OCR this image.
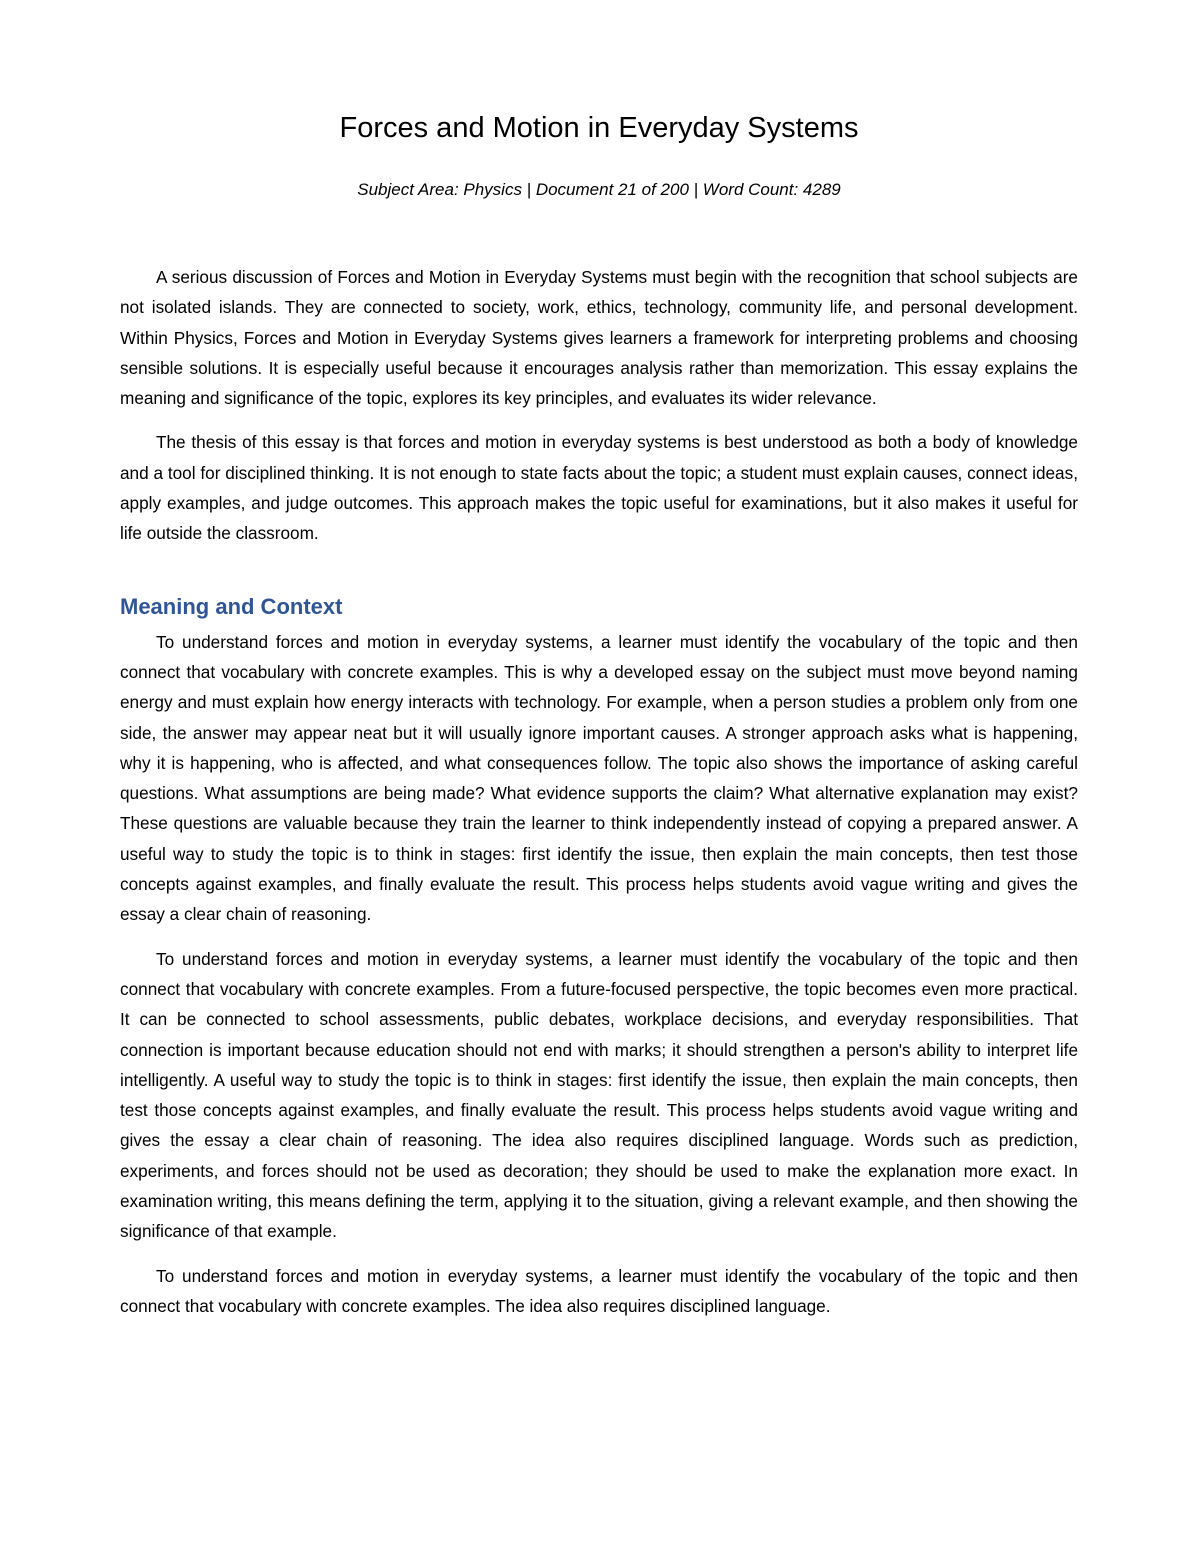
Forces and Motion in Everyday Systems

Subject Area: Physics | Document 21 of 200 | Word Count: 4289

A serious discussion of Forces and Motion in Everyday Systems must begin with the recognition that school subjects are not isolated islands. They are connected to society, work, ethics, technology, community life, and personal development. Within Physics, Forces and Motion in Everyday Systems gives learners a framework for interpreting problems and choosing sensible solutions. It is especially useful because it encourages analysis rather than memorization. This essay explains the meaning and significance of the topic, explores its key principles, and evaluates its wider relevance.

The thesis of this essay is that forces and motion in everyday systems is best understood as both a body of knowledge and a tool for disciplined thinking. It is not enough to state facts about the topic; a student must explain causes, connect ideas, apply examples, and judge outcomes. This approach makes the topic useful for examinations, but it also makes it useful for life outside the classroom.

Meaning and Context

To understand forces and motion in everyday systems, a learner must identify the vocabulary of the topic and then connect that vocabulary with concrete examples. This is why a developed essay on the subject must move beyond naming energy and must explain how energy interacts with technology. For example, when a person studies a problem only from one side, the answer may appear neat but it will usually ignore important causes. A stronger approach asks what is happening, why it is happening, who is affected, and what consequences follow. The topic also shows the importance of asking careful questions. What assumptions are being made? What evidence supports the claim? What alternative explanation may exist? These questions are valuable because they train the learner to think independently instead of copying a prepared answer. A useful way to study the topic is to think in stages: first identify the issue, then explain the main concepts, then test those concepts against examples, and finally evaluate the result. This process helps students avoid vague writing and gives the essay a clear chain of reasoning.

To understand forces and motion in everyday systems, a learner must identify the vocabulary of the topic and then connect that vocabulary with concrete examples. From a future-focused perspective, the topic becomes even more practical. It can be connected to school assessments, public debates, workplace decisions, and everyday responsibilities. That connection is important because education should not end with marks; it should strengthen a person's ability to interpret life intelligently. A useful way to study the topic is to think in stages: first identify the issue, then explain the main concepts, then test those concepts against examples, and finally evaluate the result. This process helps students avoid vague writing and gives the essay a clear chain of reasoning. The idea also requires disciplined language. Words such as prediction, experiments, and forces should not be used as decoration; they should be used to make the explanation more exact. In examination writing, this means defining the term, applying it to the situation, giving a relevant example, and then showing the significance of that example.

To understand forces and motion in everyday systems, a learner must identify the vocabulary of the topic and then connect that vocabulary with concrete examples. The idea also requires disciplined language.
